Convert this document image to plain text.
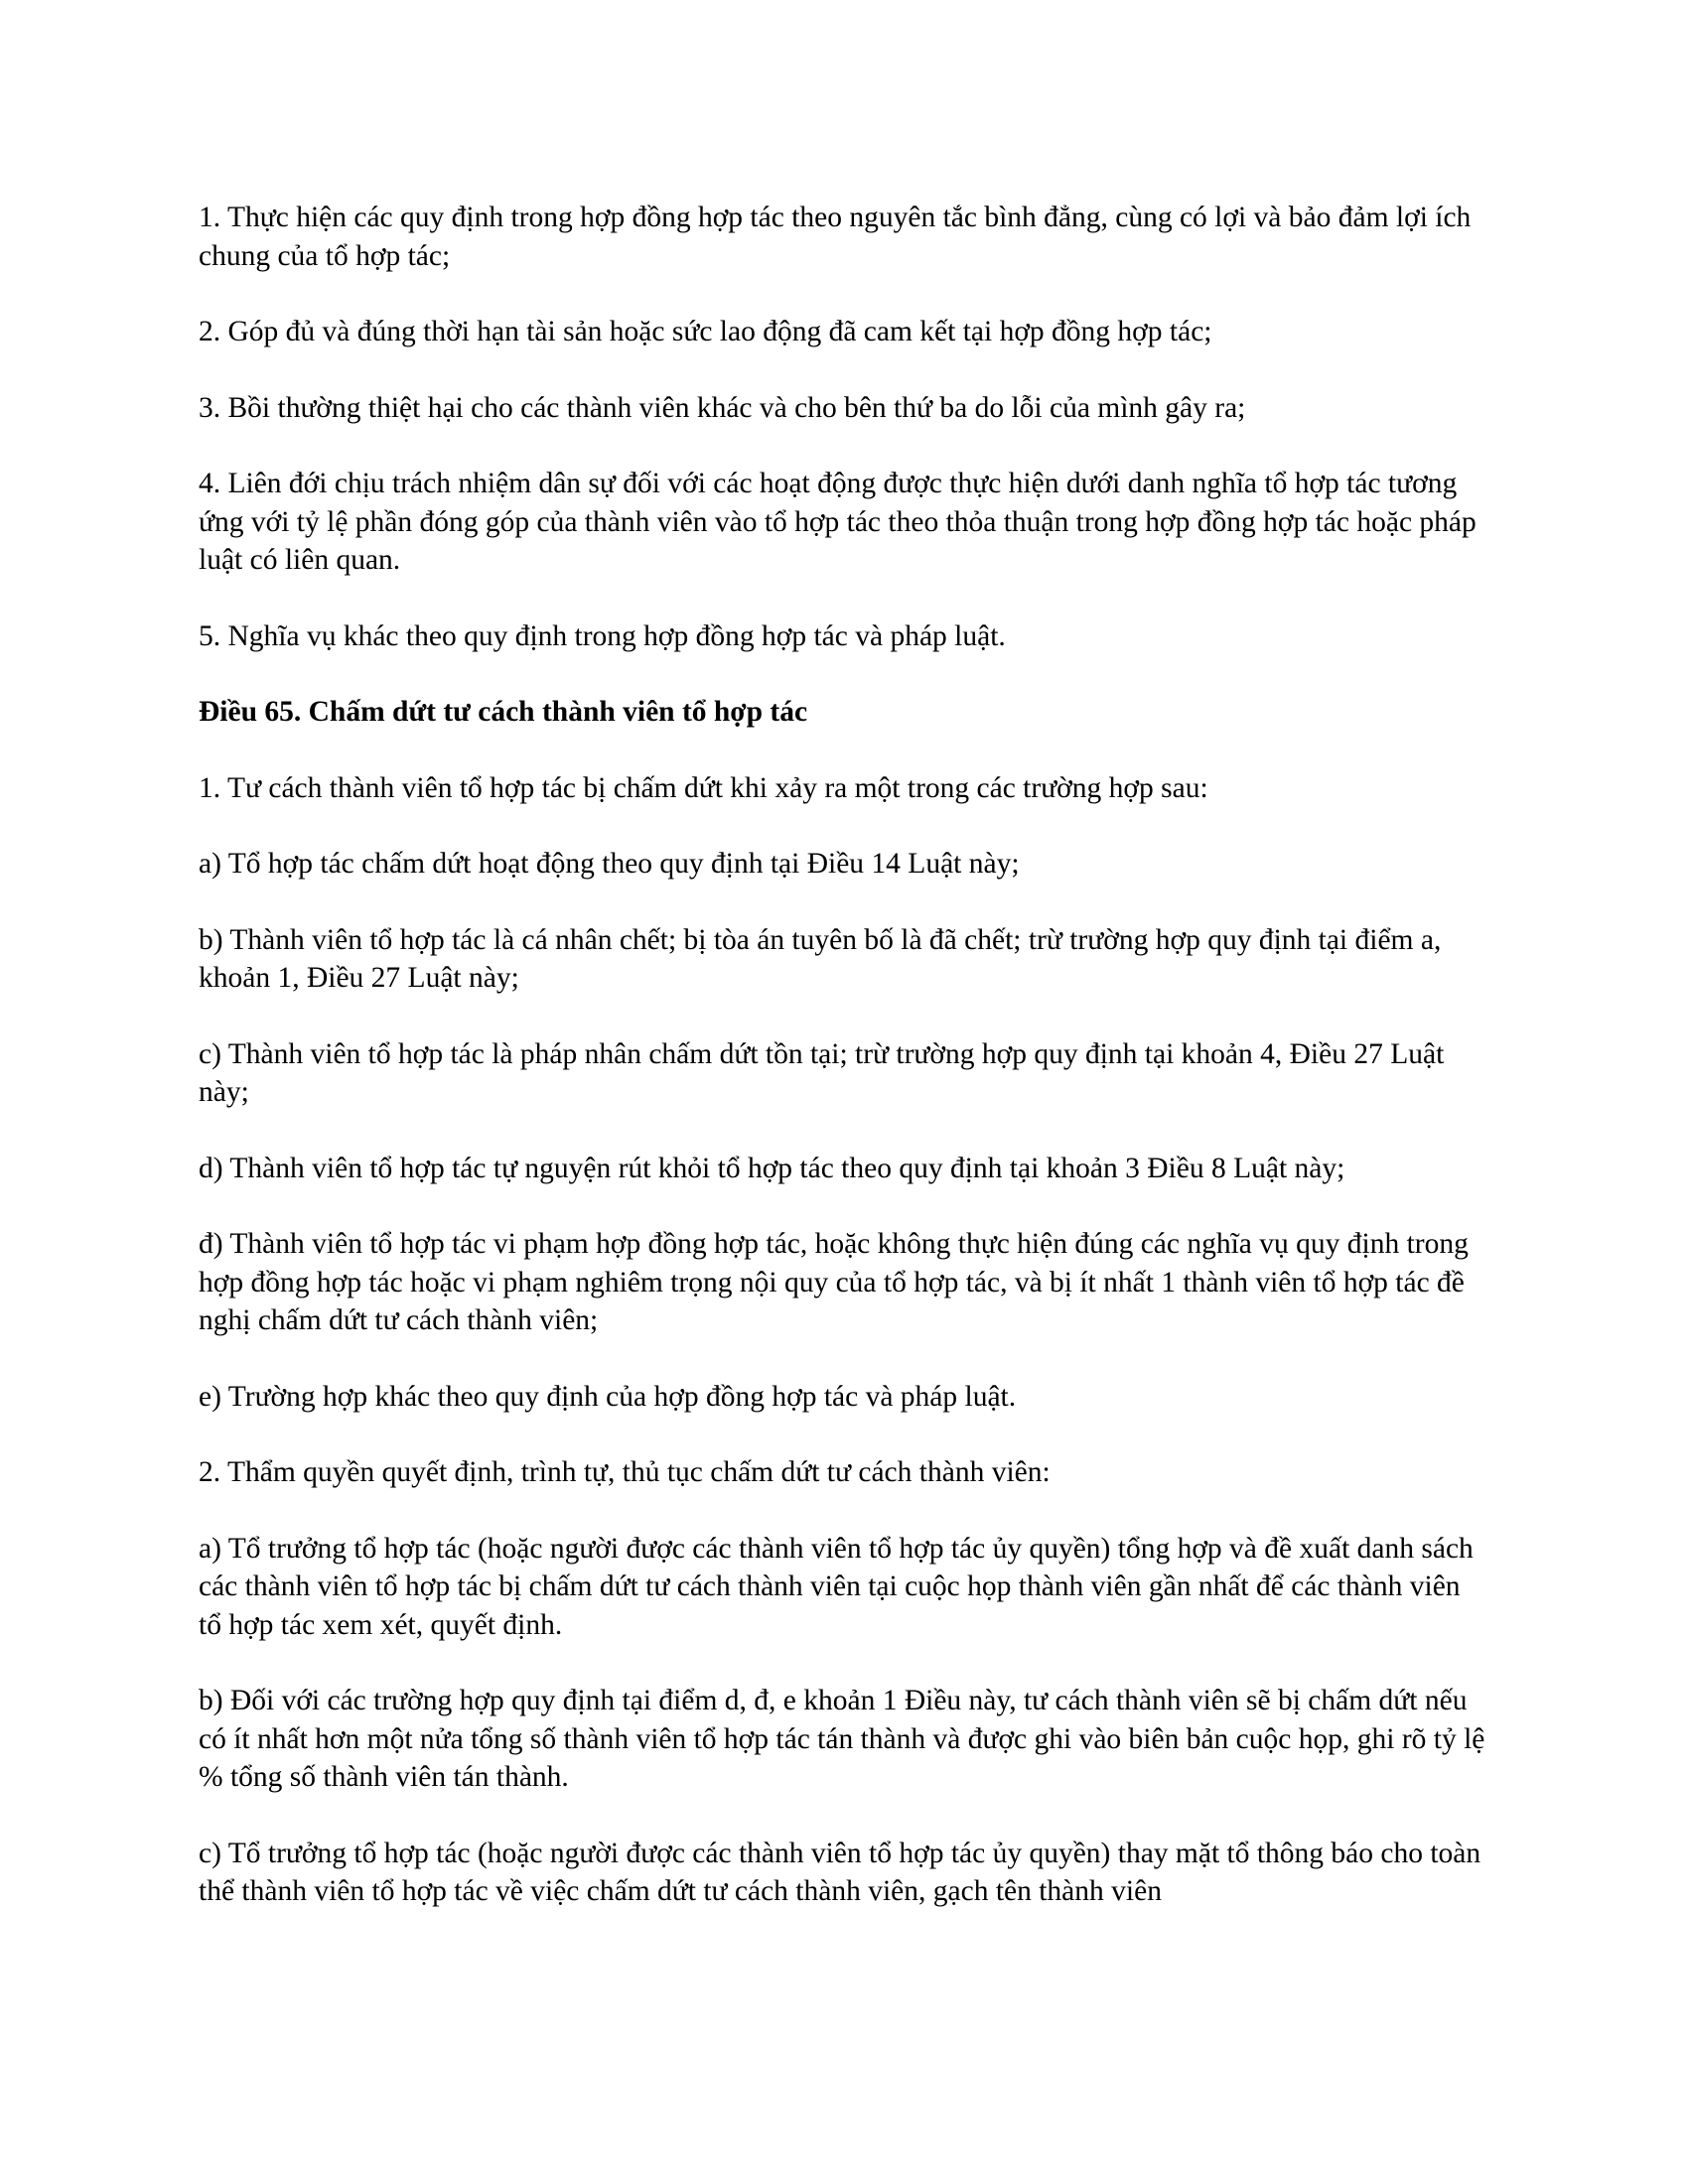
1. Thực hiện các quy định trong hợp đồng hợp tác theo nguyên tắc bình đẳng, cùng có lợi và bảo đảm lợi ích chung của tổ hợp tác;

2. Góp đủ và đúng thời hạn tài sản hoặc sức lao động đã cam kết tại hợp đồng hợp tác;

3. Bồi thường thiệt hại cho các thành viên khác và cho bên thứ ba do lỗi của mình gây ra;

4. Liên đới chịu trách nhiệm dân sự đối với các hoạt động được thực hiện dưới danh nghĩa tổ hợp tác tương ứng với tỷ lệ phần đóng góp của thành viên vào tổ hợp tác theo thỏa thuận trong hợp đồng hợp tác hoặc pháp luật có liên quan.

5. Nghĩa vụ khác theo quy định trong hợp đồng hợp tác và pháp luật.

Điều 65. Chấm dứt tư cách thành viên tổ hợp tác

1. Tư cách thành viên tổ hợp tác bị chấm dứt khi xảy ra một trong các trường hợp sau:

a) Tổ hợp tác chấm dứt hoạt động theo quy định tại Điều 14 Luật này;

b) Thành viên tổ hợp tác là cá nhân chết; bị tòa án tuyên bố là đã chết; trừ trường hợp quy định tại điểm a, khoản 1, Điều 27 Luật này;

c) Thành viên tổ hợp tác là pháp nhân chấm dứt tồn tại; trừ trường hợp quy định tại khoản 4, Điều 27 Luật này;

d) Thành viên tổ hợp tác tự nguyện rút khỏi tổ hợp tác theo quy định tại khoản 3 Điều 8 Luật này;

đ) Thành viên tổ hợp tác vi phạm hợp đồng hợp tác, hoặc không thực hiện đúng các nghĩa vụ quy định trong hợp đồng hợp tác hoặc vi phạm nghiêm trọng nội quy của tổ hợp tác, và bị ít nhất 1 thành viên tổ hợp tác đề nghị chấm dứt tư cách thành viên;

e) Trường hợp khác theo quy định của hợp đồng hợp tác và pháp luật.

2. Thẩm quyền quyết định, trình tự, thủ tục chấm dứt tư cách thành viên:

a) Tổ trưởng tổ hợp tác (hoặc người được các thành viên tổ hợp tác ủy quyền) tổng hợp và đề xuất danh sách các thành viên tổ hợp tác bị chấm dứt tư cách thành viên tại cuộc họp thành viên gần nhất để các thành viên tổ hợp tác xem xét, quyết định.

b) Đối với các trường hợp quy định tại điểm d, đ, e khoản 1 Điều này, tư cách thành viên sẽ bị chấm dứt nếu có ít nhất hơn một nửa tổng số thành viên tổ hợp tác tán thành và được ghi vào biên bản cuộc họp, ghi rõ tỷ lệ % tổng số thành viên tán thành.

c) Tổ trưởng tổ hợp tác (hoặc người được các thành viên tổ hợp tác ủy quyền) thay mặt tổ thông báo cho toàn thể thành viên tổ hợp tác về việc chấm dứt tư cách thành viên, gạch tên thành viên
